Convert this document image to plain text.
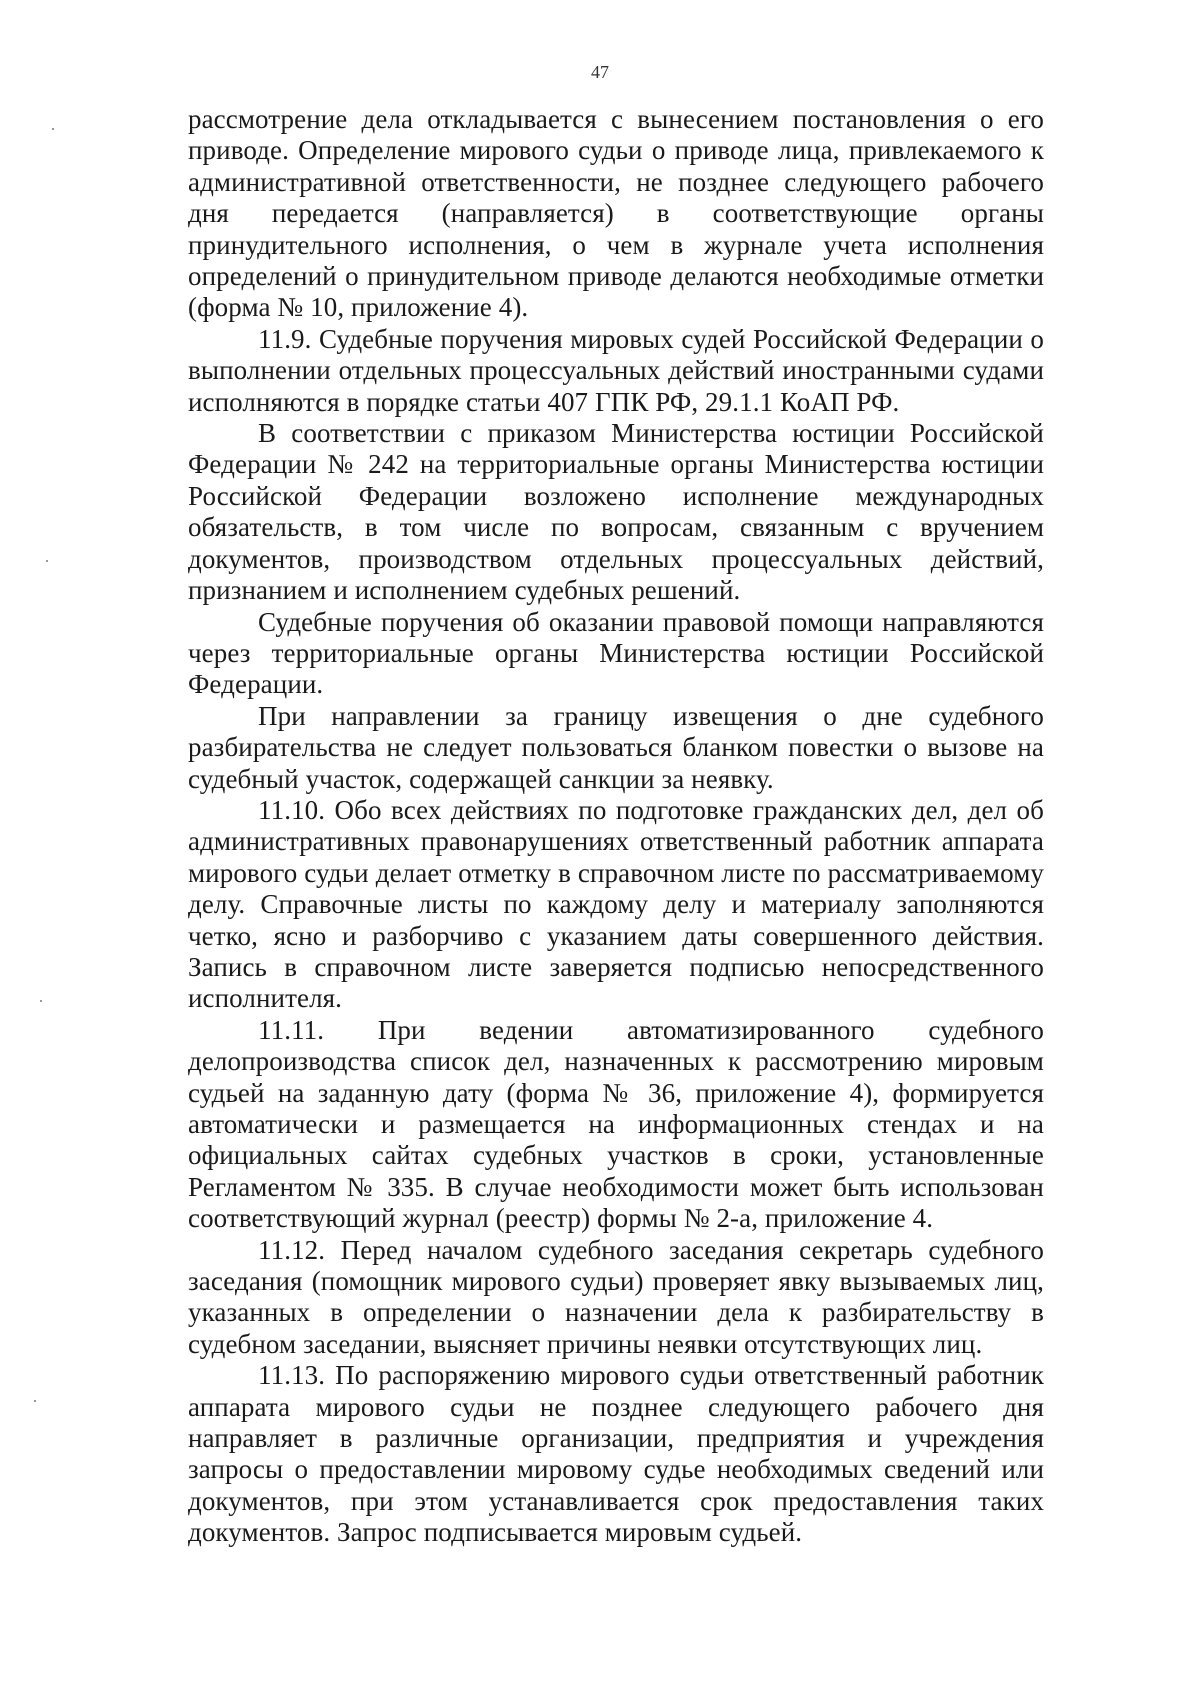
47

рассмотрение дела откладывается с вынесением постановления о его приводе. Определение мирового судьи о приводе лица, привлекаемого к административной ответственности, не позднее следующего рабочего дня передается (направляется) в соответствующие органы принудительного исполнения, о чем в журнале учета исполнения определений о принудительном приводе делаются необходимые отметки (форма № 10, приложение 4).

11.9. Судебные поручения мировых судей Российской Федерации о выполнении отдельных процессуальных действий иностранными судами исполняются в порядке статьи 407 ГПК РФ, 29.1.1 КоАП РФ.

В соответствии с приказом Министерства юстиции Российской Федерации № 242 на территориальные органы Министерства юстиции Российской Федерации возложено исполнение международных обязательств, в том числе по вопросам, связанным с вручением документов, производством отдельных процессуальных действий, признанием и исполнением судебных решений.

Судебные поручения об оказании правовой помощи направляются через территориальные органы Министерства юстиции Российской Федерации.

При направлении за границу извещения о дне судебного разбирательства не следует пользоваться бланком повестки о вызове на судебный участок, содержащей санкции за неявку.

11.10. Обо всех действиях по подготовке гражданских дел, дел об административных правонарушениях ответственный работник аппарата мирового судьи делает отметку в справочном листе по рассматриваемому делу. Справочные листы по каждому делу и материалу заполняются четко, ясно и разборчиво с указанием даты совершенного действия. Запись в справочном листе заверяется подписью непосредственного исполнителя.

11.11. При ведении автоматизированного судебного делопроизводства список дел, назначенных к рассмотрению мировым судьей на заданную дату (форма № 36, приложение 4), формируется автоматически и размещается на информационных стендах и на официальных сайтах судебных участков в сроки, установленные Регламентом № 335. В случае необходимости может быть использован соответствующий журнал (реестр) формы № 2-а, приложение 4.

11.12. Перед началом судебного заседания секретарь судебного заседания (помощник мирового судьи) проверяет явку вызываемых лиц, указанных в определении о назначении дела к разбирательству в судебном заседании, выясняет причины неявки отсутствующих лиц.

11.13. По распоряжению мирового судьи ответственный работник аппарата мирового судьи не позднее следующего рабочего дня направляет в различные организации, предприятия и учреждения запросы о предоставлении мировому судье необходимых сведений или документов, при этом устанавливается срок предоставления таких документов. Запрос подписывается мировым судьей.
